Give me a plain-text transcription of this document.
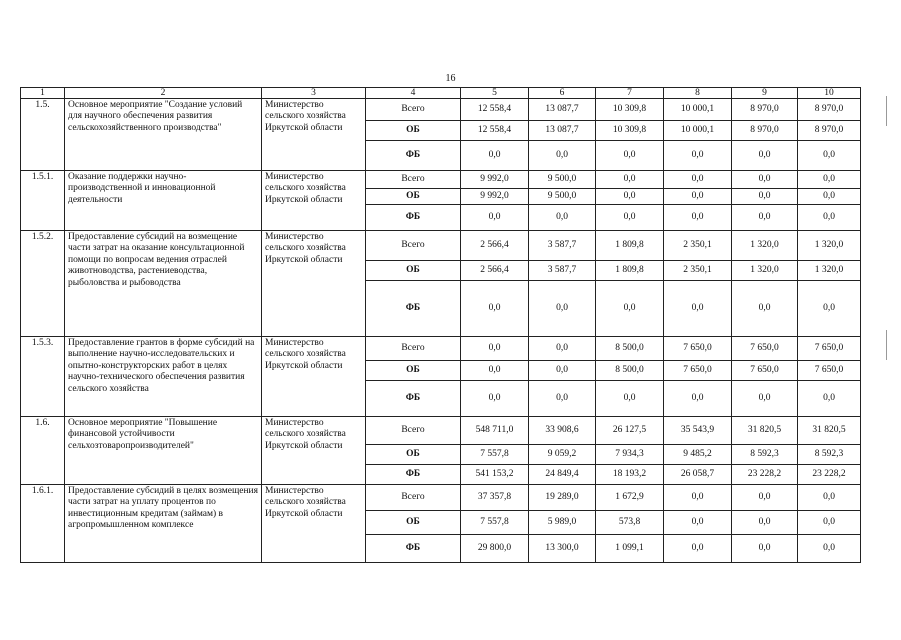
16
1	2	3	4	5	6	7	8	9	10
1.5.	Основное мероприятие "Создание условий для научного обеспечения развития сельскохозяйственного производства"	Министерство сельского хозяйства Иркутской области	Всего	12 558,4	13 087,7	10 309,8	10 000,1	8 970,0	8 970,0
			ОБ	12 558,4	13 087,7	10 309,8	10 000,1	8 970,0	8 970,0
			ФБ	0,0	0,0	0,0	0,0	0,0	0,0
1.5.1.	Оказание поддержки научно-производственной и инновационной деятельности	Министерство сельского хозяйства Иркутской области	Всего	9 992,0	9 500,0	0,0	0,0	0,0	0,0
			ОБ	9 992,0	9 500,0	0,0	0,0	0,0	0,0
			ФБ	0,0	0,0	0,0	0,0	0,0	0,0
1.5.2.	Предоставление субсидий на возмещение части затрат на оказание консультационной помощи по вопросам ведения отраслей животноводства, растениеводства, рыболовства и рыбоводства	Министерство сельского хозяйства Иркутской области	Всего	2 566,4	3 587,7	1 809,8	2 350,1	1 320,0	1 320,0
			ОБ	2 566,4	3 587,7	1 809,8	2 350,1	1 320,0	1 320,0
			ФБ	0,0	0,0	0,0	0,0	0,0	0,0
1.5.3.	Предоставление грантов в форме субсидий на выполнение научно-исследовательских и опытно-конструкторских работ в целях научно-технического обеспечения развития сельского хозяйства	Министерство сельского хозяйства Иркутской области	Всего	0,0	0,0	8 500,0	7 650,0	7 650,0	7 650,0
			ОБ	0,0	0,0	8 500,0	7 650,0	7 650,0	7 650,0
			ФБ	0,0	0,0	0,0	0,0	0,0	0,0
1.6.	Основное мероприятие "Повышение финансовой устойчивости сельхозтоваропроизводителей"	Министерство сельского хозяйства Иркутской области	Всего	548 711,0	33 908,6	26 127,5	35 543,9	31 820,5	31 820,5
			ОБ	7 557,8	9 059,2	7 934,3	9 485,2	8 592,3	8 592,3
			ФБ	541 153,2	24 849,4	18 193,2	26 058,7	23 228,2	23 228,2
1.6.1.	Предоставление субсидий в целях возмещения части затрат на уплату процентов по инвестиционным кредитам (займам) в агропромышленном комплексе	Министерство сельского хозяйства Иркутской области	Всего	37 357,8	19 289,0	1 672,9	0,0	0,0	0,0
			ОБ	7 557,8	5 989,0	573,8	0,0	0,0	0,0
			ФБ	29 800,0	13 300,0	1 099,1	0,0	0,0	0,0
